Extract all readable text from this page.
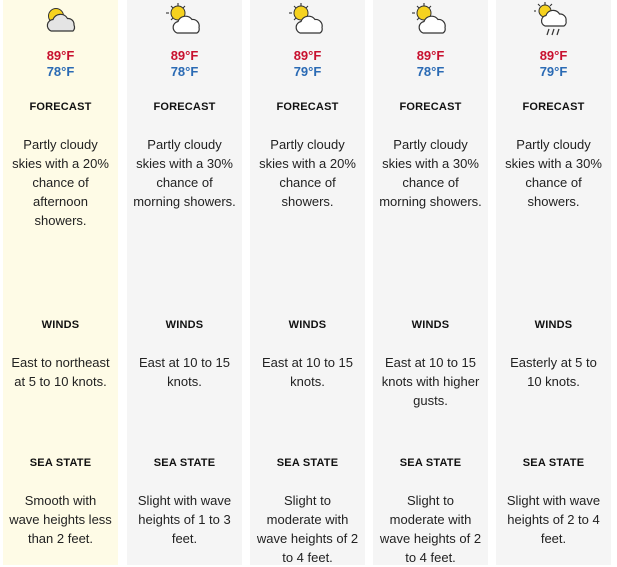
89°F
78°F
FORECAST
Partly cloudy skies with a 20% chance of afternoon showers.
WINDS
East to northeast at 5 to 10 knots.
SEA STATE
Smooth with wave heights less than 2 feet.
89°F
78°F
FORECAST
Partly cloudy skies with a 30% chance of morning showers.
WINDS
East at 10 to 15 knots.
SEA STATE
Slight with wave heights of 1 to 3 feet.
89°F
79°F
FORECAST
Partly cloudy skies with a 20% chance of showers.
WINDS
East at 10 to 15 knots.
SEA STATE
Slight to moderate with wave heights of 2 to 4 feet.
89°F
78°F
FORECAST
Partly cloudy skies with a 30% chance of morning showers.
WINDS
East at 10 to 15 knots with higher gusts.
SEA STATE
Slight to moderate with wave heights of 2 to 4 feet.
89°F
79°F
FORECAST
Partly cloudy skies with a 30% chance of showers.
WINDS
Easterly at 5 to 10 knots.
SEA STATE
Slight with wave heights of 2 to 4 feet.
